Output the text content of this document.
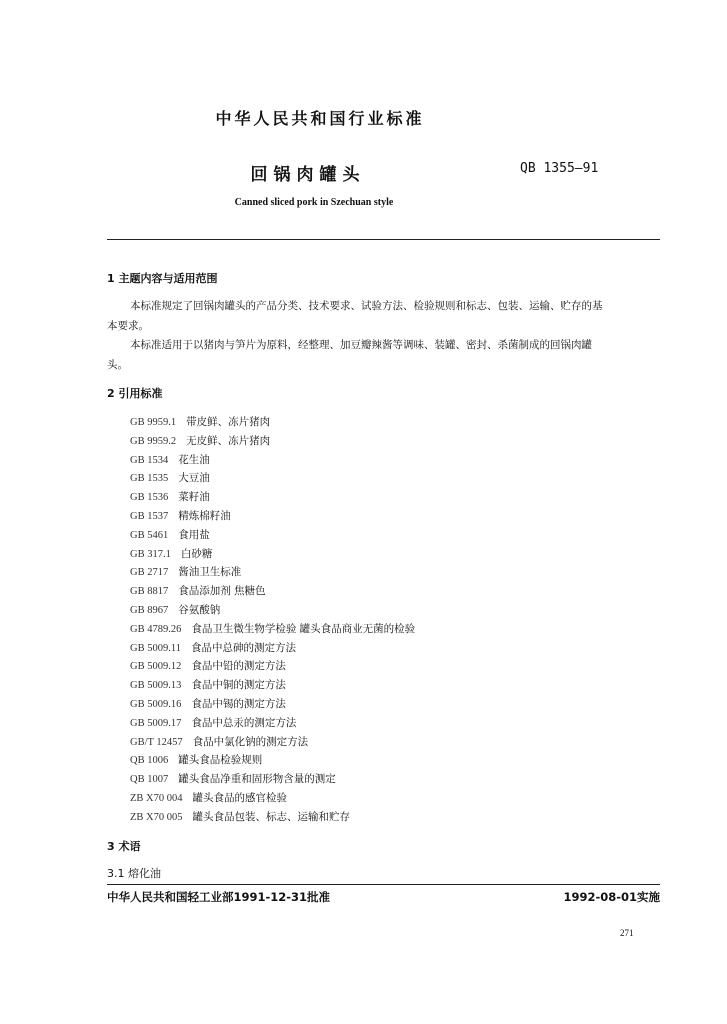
中华人民共和国行业标准
回锅肉罐头	QB 1355—91
Canned sliced pork in Szechuan style
1 主题内容与适用范围
本标准规定了回锅肉罐头的产品分类、技术要求、试验方法、检验规则和标志、包装、运输、贮存的基
本要求。
本标准适用于以猪肉与笋片为原料，经整理、加豆瓣辣酱等调味、装罐、密封、杀菌制成的回锅肉罐
头。
2 引用标准
GB 9959.1 带皮鲜、冻片猪肉
GB 9959.2 无皮鲜、冻片猪肉
GB 1534 花生油
GB 1535 大豆油
GB 1536 菜籽油
GB 1537 精炼棉籽油
GB 5461 食用盐
GB 317.1 白砂糖
GB 2717 酱油卫生标准
GB 8817 食品添加剂 焦糖色
GB 8967 谷氨酸钠
GB 4789.26 食品卫生微生物学检验 罐头食品商业无菌的检验
GB 5009.11 食品中总砷的测定方法
GB 5009.12 食品中铅的测定方法
GB 5009.13 食品中铜的测定方法
GB 5009.16 食品中锡的测定方法
GB 5009.17 食品中总汞的测定方法
GB/T 12457 食品中氯化钠的测定方法
QB 1006 罐头食品检验规则
QB 1007 罐头食品净重和固形物含量的测定
ZB X70 004 罐头食品的感官检验
ZB X70 005 罐头食品包装、标志、运输和贮存
3 术语
3.1 熔化油
中华人民共和国轻工业部1991-12-31批准	1992-08-01实施
271
